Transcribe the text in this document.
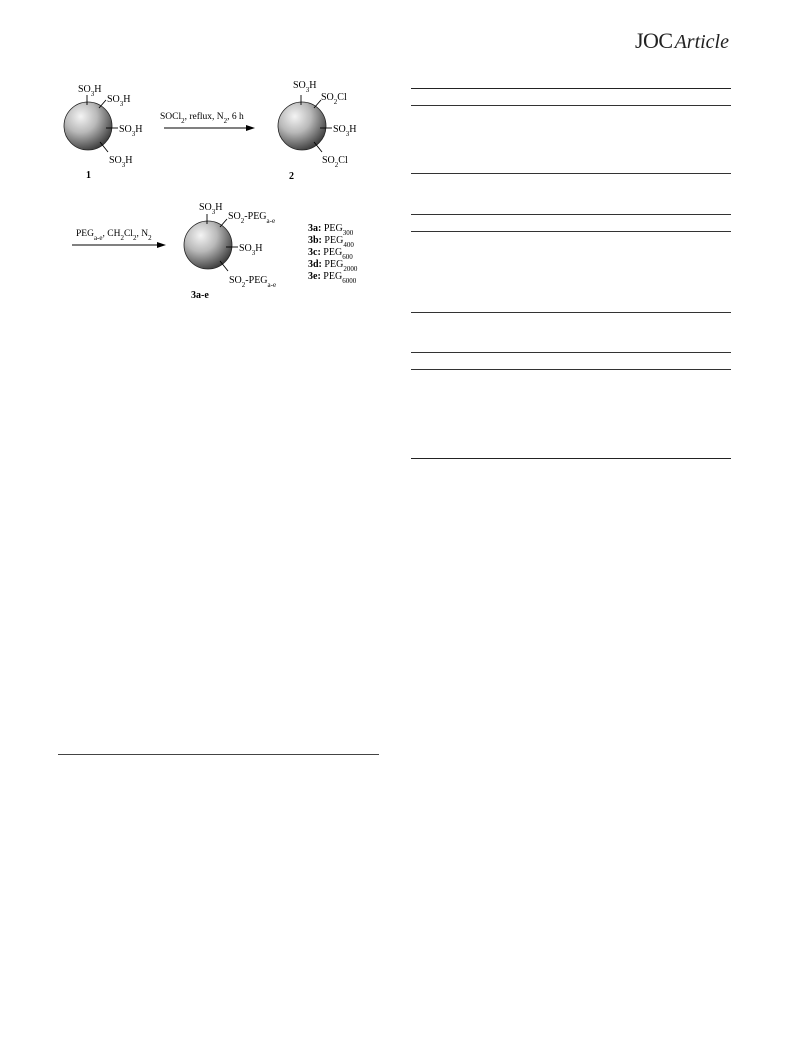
JOC Article
$SO_3H$
$SO_3H$
$SO_3H$
$SO_3H$
1
SOCl$_2$, reflux, $N_2$, 6 h
$SO_3H$
$SO_2Cl$
$SO_3H$
$SO_2Cl$
2
$PEG_{a-e}$, $CH_2Cl_2$, $N_2$
$SO_3H$
$SO_2-PEG_{a-e}$
$SO_3H$
$SO_2-PEG_{a-e}$
3a-e
3a: $PEG_{300}$
3b: $PEG_{400}$
3c: $PEG_{600}$
3d: $PEG_{2000}$
3e: $PEG_{6000}$
